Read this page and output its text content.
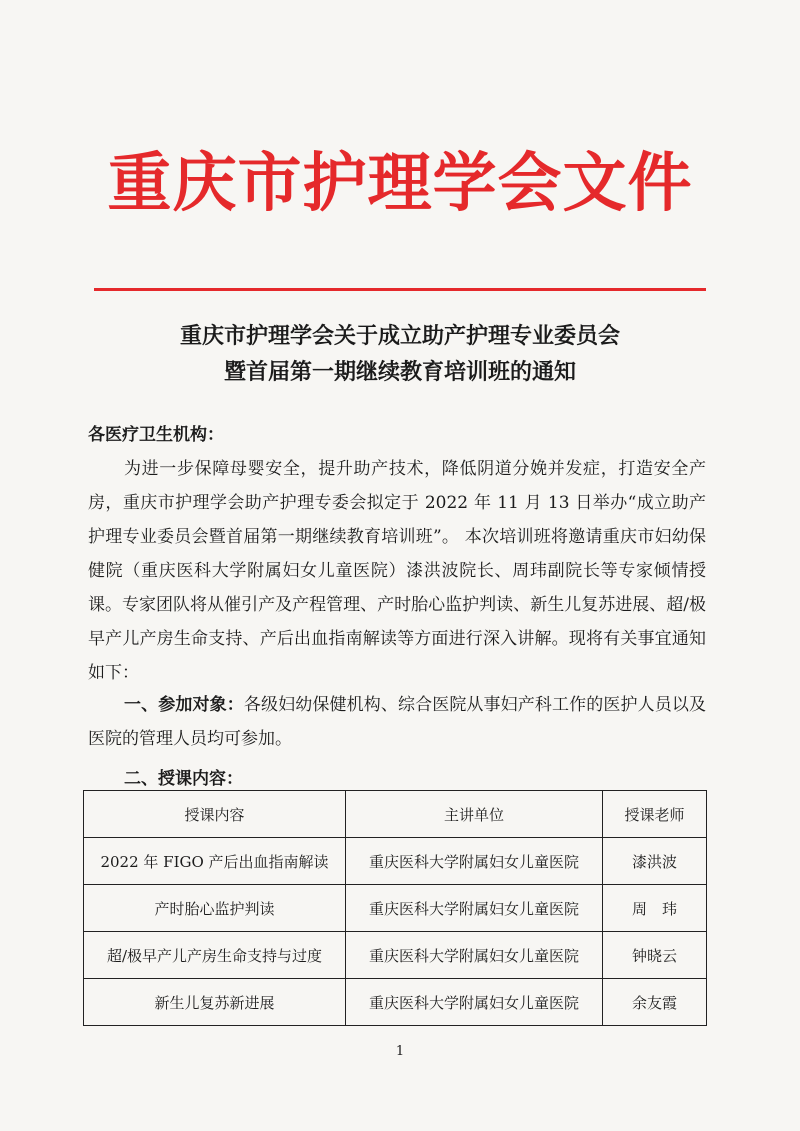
重庆市护理学会文件
重庆市护理学会关于成立助产护理专业委员会
暨首届第一期继续教育培训班的通知
各医疗卫生机构：
为进一步保障母婴安全，提升助产技术，降低阴道分娩并发症，打造安全产房，重庆市护理学会助产护理专委会拟定于 2022 年 11 月 13 日举办“成立助产护理专业委员会暨首届第一期继续教育培训班”。 本次培训班将邀请重庆市妇幼保健院（重庆医科大学附属妇女儿童医院）漆洪波院长、周玮副院长等专家倾情授课。专家团队将从催引产及产程管理、产时胎心监护判读、新生儿复苏进展、超/极早产儿产房生命支持、产后出血指南解读等方面进行深入讲解。现将有关事宜通知如下：
一、参加对象：各级妇幼保健机构、综合医院从事妇产科工作的医护人员以及医院的管理人员均可参加。
二、授课内容：
授课内容	主讲单位	授课老师
2022 年 FIGO 产后出血指南解读	重庆医科大学附属妇女儿童医院	漆洪波
产时胎心监护判读	重庆医科大学附属妇女儿童医院	周　玮
超/极早产儿产房生命支持与过度	重庆医科大学附属妇女儿童医院	钟晓云
新生儿复苏新进展	重庆医科大学附属妇女儿童医院	余友霞
1
